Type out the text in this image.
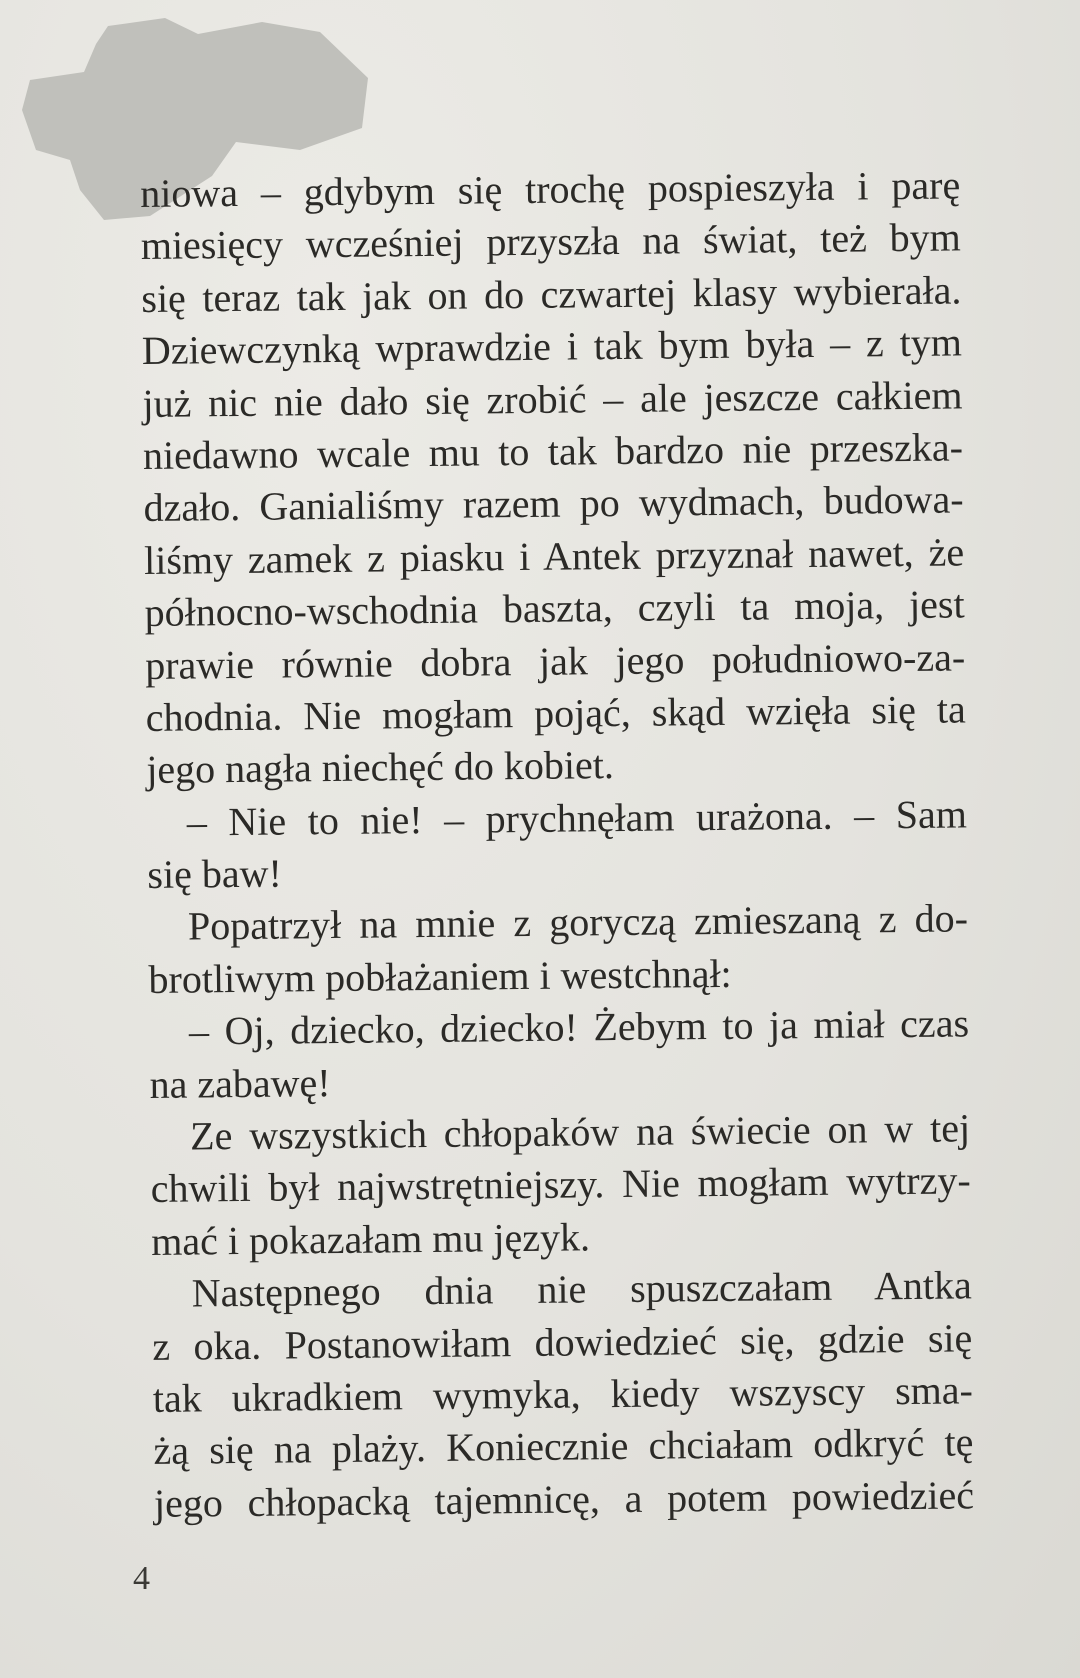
niowa – gdybym się trochę pospieszyła i parę
miesięcy wcześniej przyszła na świat, też bym
się teraz tak jak on do czwartej klasy wybierała.
Dziewczynką wprawdzie i tak bym była – z tym
już nic nie dało się zrobić – ale jeszcze całkiem
niedawno wcale mu to tak bardzo nie przeszka-
dzało. Ganialiśmy razem po wydmach, budowa-
liśmy zamek z piasku i Antek przyznał nawet, że
północno-wschodnia baszta, czyli ta moja, jest
prawie równie dobra jak jego południowo-za-
chodnia. Nie mogłam pojąć, skąd wzięła się ta
jego nagła niechęć do kobiet.
– Nie to nie! – prychnęłam urażona. – Sam
się baw!
Popatrzył na mnie z goryczą zmieszaną z do-
brotliwym pobłażaniem i westchnął:
– Oj, dziecko, dziecko! Żebym to ja miał czas
na zabawę!
Ze wszystkich chłopaków na świecie on w tej
chwili był najwstrętniejszy. Nie mogłam wytrzy-
mać i pokazałam mu język.
Następnego dnia nie spuszczałam Antka
z oka. Postanowiłam dowiedzieć się, gdzie się
tak ukradkiem wymyka, kiedy wszyscy sma-
żą się na plaży. Koniecznie chciałam odkryć tę
jego chłopacką tajemnicę, a potem powiedzieć
4
